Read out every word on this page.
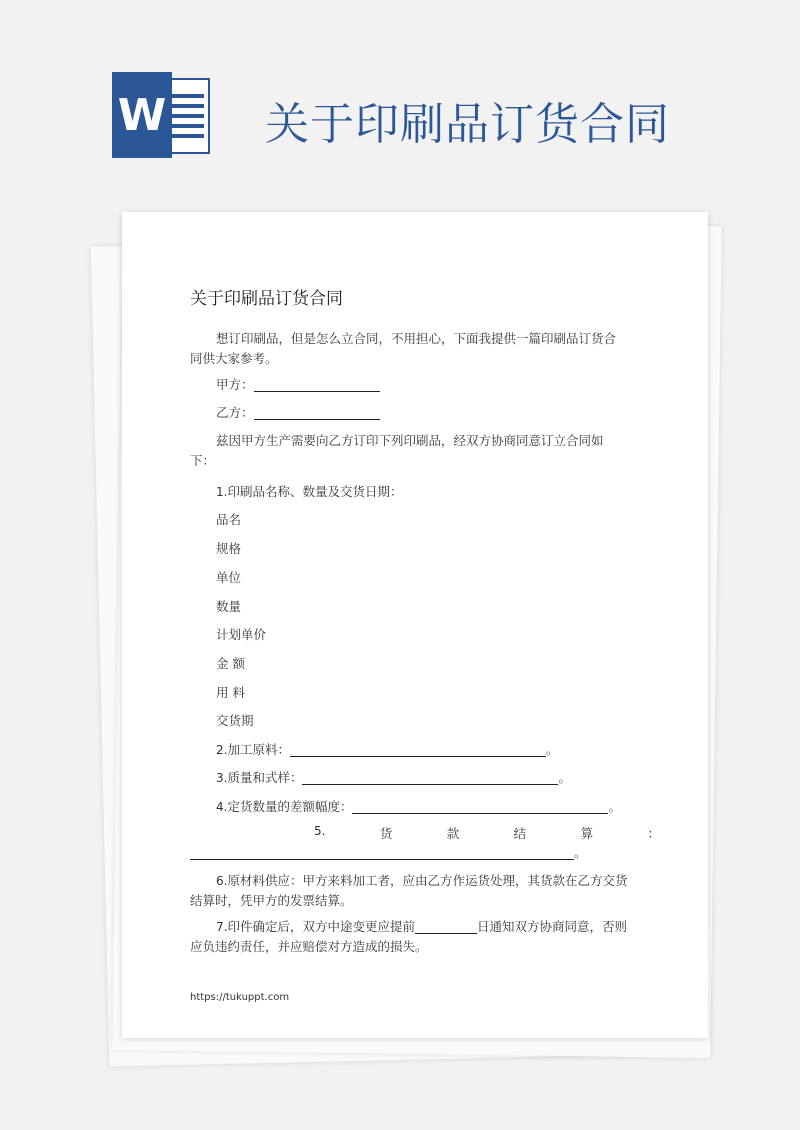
W 关于印刷品订货合同
关于印刷品订货合同
想订印刷品，但是怎么立合同，不用担心，下面我提供一篇印刷品订货合
同供大家参考。
甲方：
乙方：
兹因甲方生产需要向乙方订印下列印刷品，经双方协商同意订立合同如
下：
1.印刷品名称、数量及交货日期：
品名
规格
单位
数量
计划单价
金 额
用 料
交货期
2.加工原料：	。
3.质量和式样：	。
4.定货数量的差额幅度：	。
5.	货	款	结	算	：
。
6.原材料供应：甲方来料加工者，应由乙方作运货处理，其货款在乙方交货
结算时，凭甲方的发票结算。
7.印件确定后，双方中途变更应提前	日通知双方协商同意，否则
应负违约责任，并应赔偿对方造成的损失。
https://tukuppt.com
